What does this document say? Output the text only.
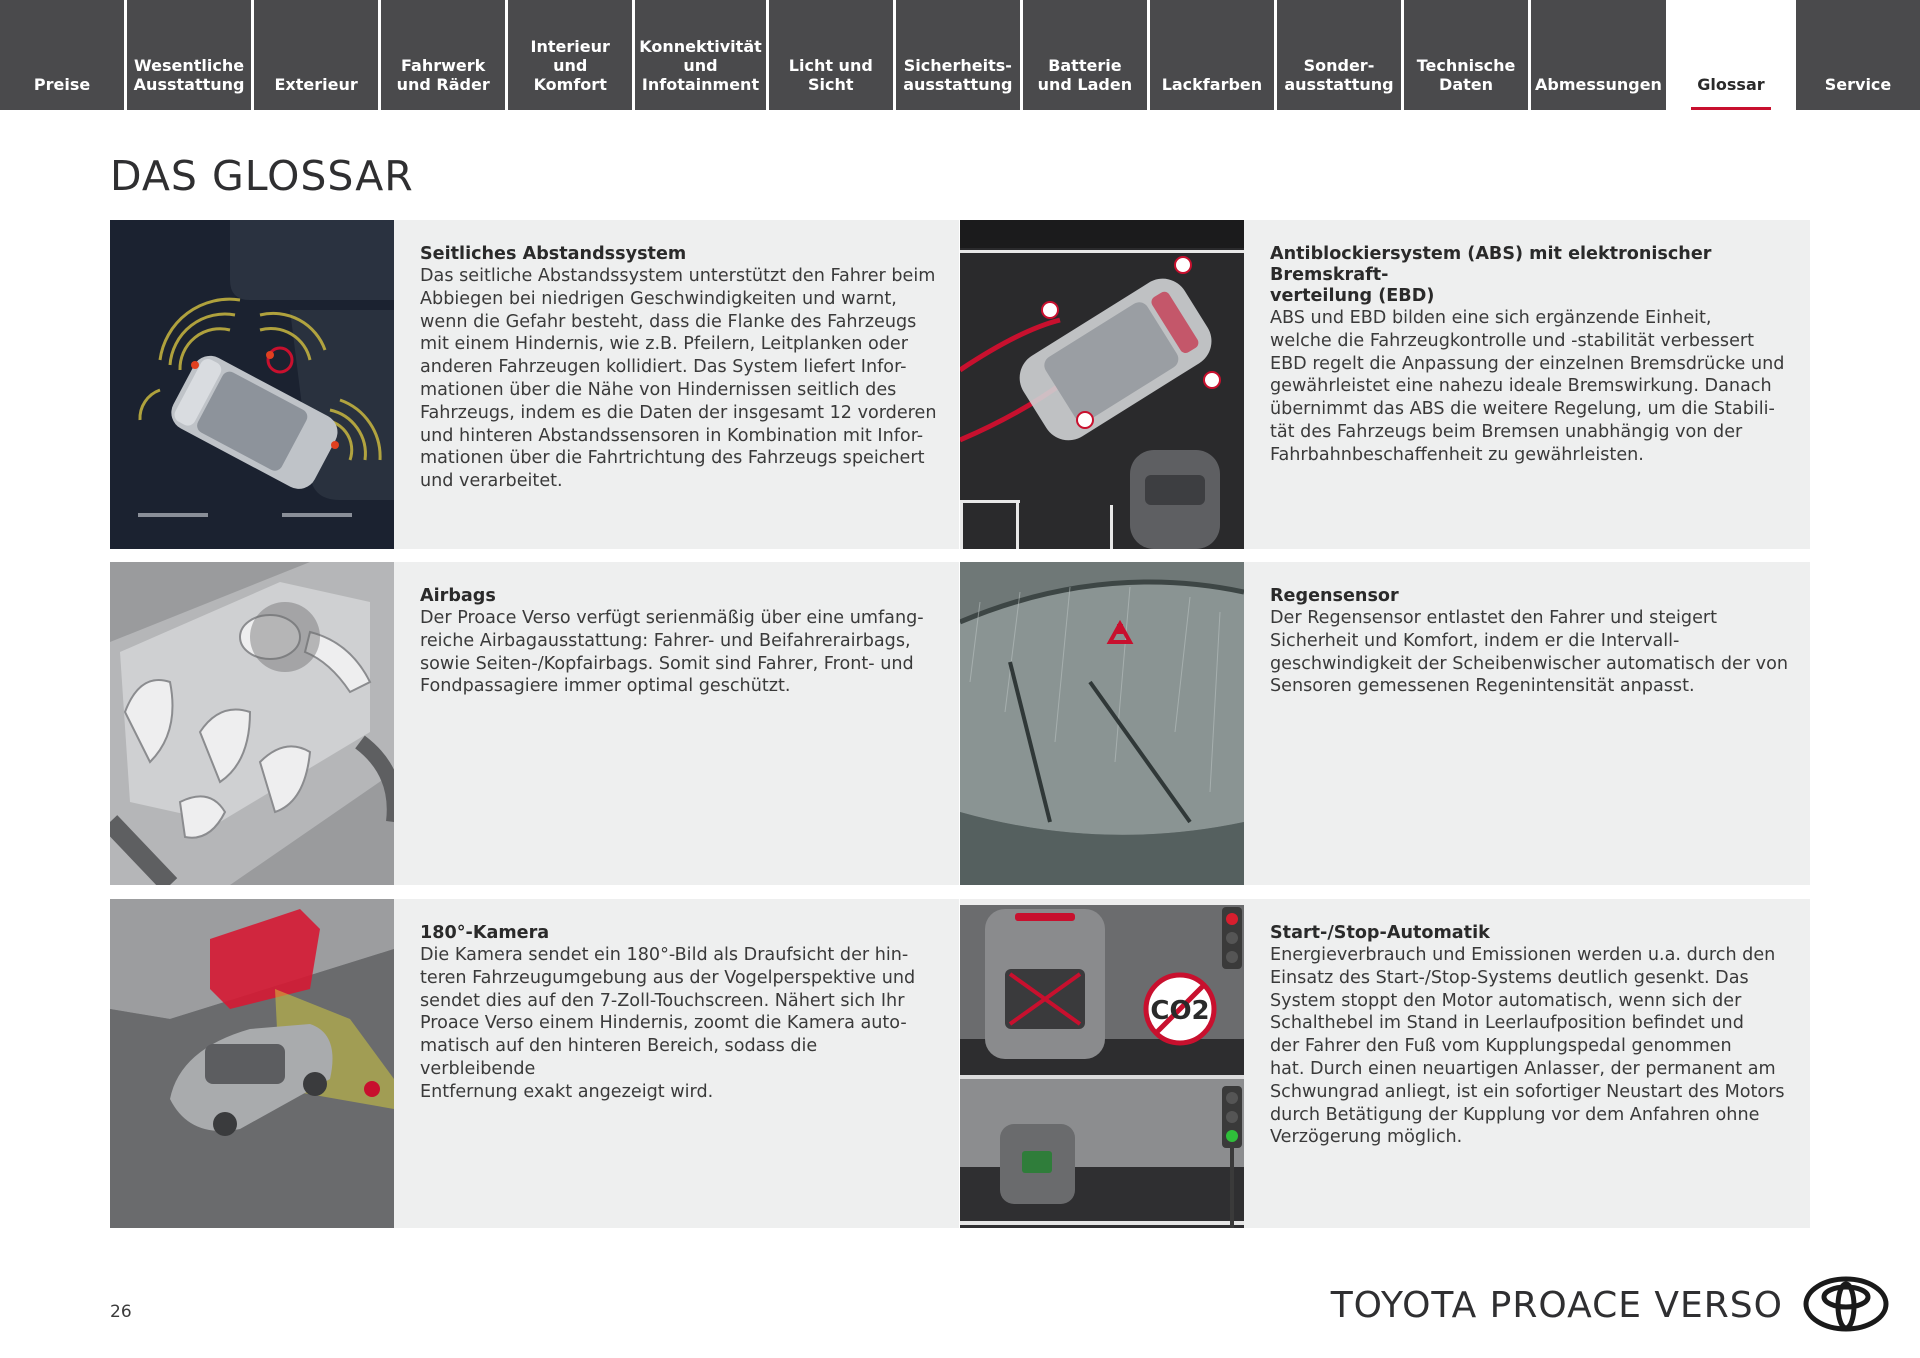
Preise
Wesentliche
Ausstattung	Exterieur
Fahrwerk
und Räder
Interieur und
Komfort
Konnektivität
und
Infotainment
Licht und Sicht
Sicherheits-
ausstattung
Batterie
und Laden	Lackfarben
Sonder-
ausstattung
Technische
Daten	Abmessungen	Glossar	Service
DAS GLOSSAR
Seitliches Abstandssystem

Das seitliche Abstandssystem unterstützt den Fahrer beim
Abbiegen bei niedrigen Geschwindigkeiten und warnt,
wenn die Gefahr besteht, dass die Flanke des Fahrzeugs
mit einem Hindernis, wie z.B. Pfeilern, Leitplanken oder
anderen Fahrzeugen kollidiert. Das System liefert Infor-
mationen über die Nähe von Hindernissen seitlich des
Fahrzeugs, indem es die Daten der insgesamt 12 vorderen
und hinteren Abstandssensoren in Kombination mit Infor-
mationen über die Fahrtrichtung des Fahrzeugs speichert
und verarbeitet.

Antiblockiersystem (ABS) mit elektronischer Bremskraft-
verteilung (EBD)

ABS und EBD bilden eine sich ergänzende Einheit,
welche die Fahrzeugkontrolle und -stabilität verbessert
EBD regelt die Anpassung der einzelnen Bremsdrücke und
gewährleistet eine nahezu ideale Bremswirkung. Danach
übernimmt das ABS die weitere Regelung, um die Stabili-
tät des Fahrzeugs beim Bremsen unabhängig von der
Fahrbahnbeschaffenheit zu gewährleisten.

Airbags

Der Proace Verso verfügt serienmäßig über eine umfang-
reiche Airbagausstattung: Fahrer- und Beifahrerairbags,
sowie Seiten-/Kopfairbags. Somit sind Fahrer, Front- und
Fondpassagiere immer optimal geschützt.

Regensensor

Der Regensensor entlastet den Fahrer und steigert
Sicherheit und Komfort, indem er die Intervall-
geschwindigkeit der Scheibenwischer automatisch der von
Sensoren gemessenen Regenintensität anpasst.

180°-Kamera

Die Kamera sendet ein 180°-Bild als Draufsicht der hin-
teren Fahrzeugumgebung aus der Vogelperspektive und
sendet dies auf den 7-Zoll-Touchscreen. Nähert sich Ihr
Proace Verso einem Hindernis, zoomt die Kamera auto-
matisch auf den hinteren Bereich, sodass die verbleibende
Entfernung exakt angezeigt wird.

CO2
Start-/Stop-Automatik

Energieverbrauch und Emissionen werden u.a. durch den
Einsatz des Start-/Stop-Systems deutlich gesenkt. Das
System stoppt den Motor automatisch, wenn sich der
Schalthebel im Stand in Leerlaufposition befindet und
der Fahrer den Fuß vom Kupplungspedal genommen
hat. Durch einen neuartigen Anlasser, der permanent am
Schwungrad anliegt, ist ein sofortiger Neustart des Motors
durch Betätigung der Kupplung vor dem Anfahren ohne
Verzögerung möglich.

26	TOYOTA PROACE VERSO
